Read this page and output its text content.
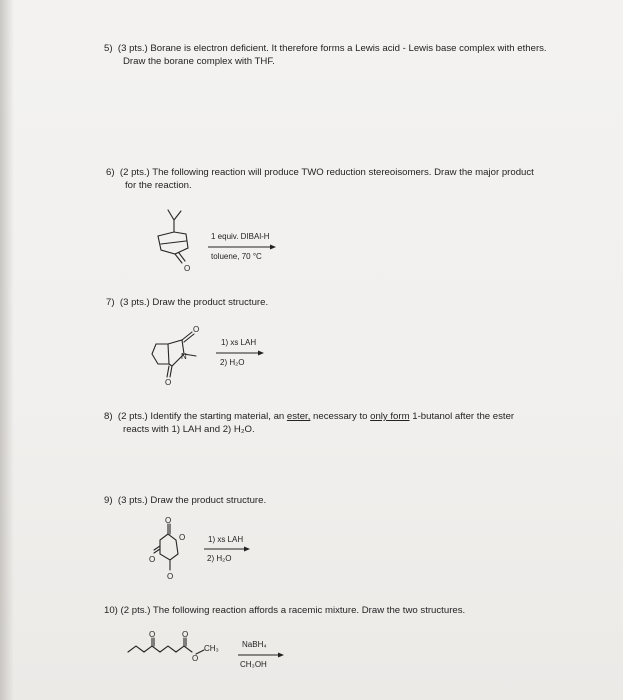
5) (3 pts.) Borane is electron deficient. It therefore forms a Lewis acid - Lewis base complex with ethers.
Draw the borane complex with THF.
6) (2 pts.) The following reaction will produce TWO reduction stereoisomers. Draw the major product
for the reaction.
O
1 equiv. DIBAl-H
toluene, 70 °C
7) (3 pts.) Draw the product structure.
O
N
O
1) xs LAH
2) H₂O
8) (2 pts.) Identify the starting material, an ester, necessary to only form 1-butanol after the ester
reacts with 1) LAH and 2) H₂O.
9) (3 pts.) Draw the product structure.
O
O
O
O
1) xs LAH
2) H₂O
10) (2 pts.) The following reaction affords a racemic mixture. Draw the two structures.
O	O
O
CH₃	NaBH₄
CH₃OH
